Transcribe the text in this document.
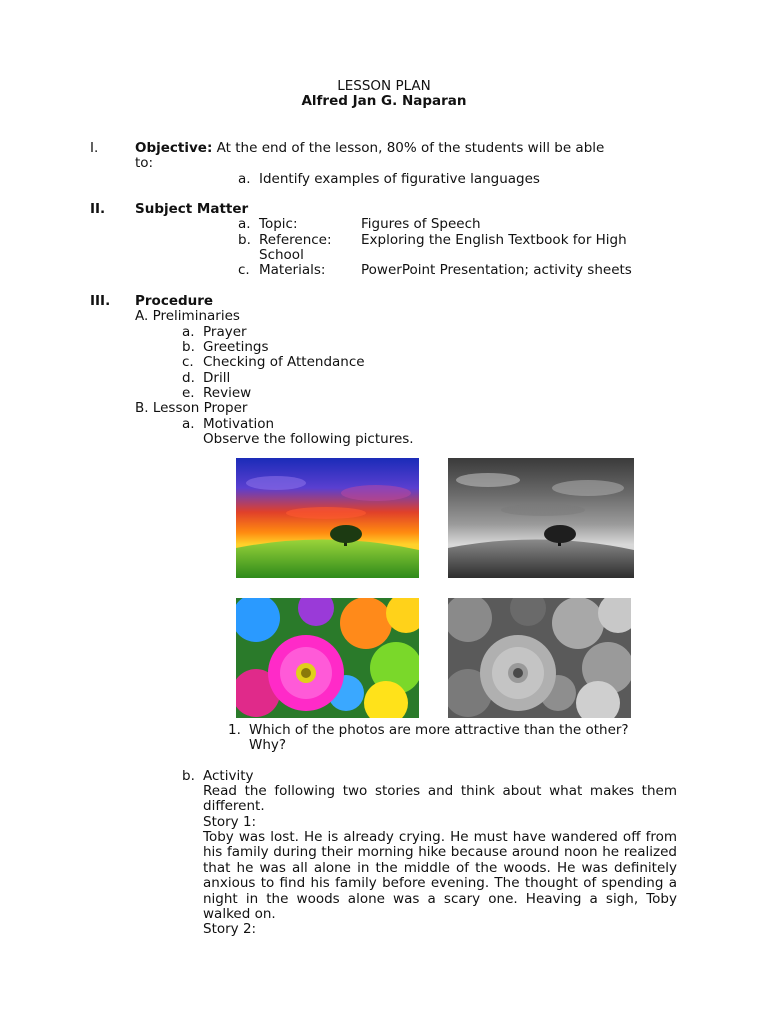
LESSON PLAN
Alfred Jan G. Naparan
I.	Objective: At the end of the lesson, 80% of the students will be able
to:
a. Identify examples of figurative languages
II. Subject Matter
a. Topic:	Figures of Speech
b. Reference: Exploring the English Textbook for High
School
c. Materials:	PowerPoint Presentation; activity sheets
III. Procedure
A. Preliminaries
a. Prayer
b. Greetings
c. Checking of Attendance
d. Drill
e. Review
B. Lesson Proper
a. Motivation
Observe the following pictures.
1. Which of the photos are more attractive than the other?
Why?
b. Activity
Read the following two stories and think about what makes them different.
Story 1:
Toby was lost. He is already crying. He must have wandered off from his family during their morning hike because around noon he realized that he was all alone in the middle of the woods. He was definitely anxious to find his family before evening. The thought of spending a night in the woods alone was a scary one. Heaving a sigh, Toby walked on.
Story 2:
